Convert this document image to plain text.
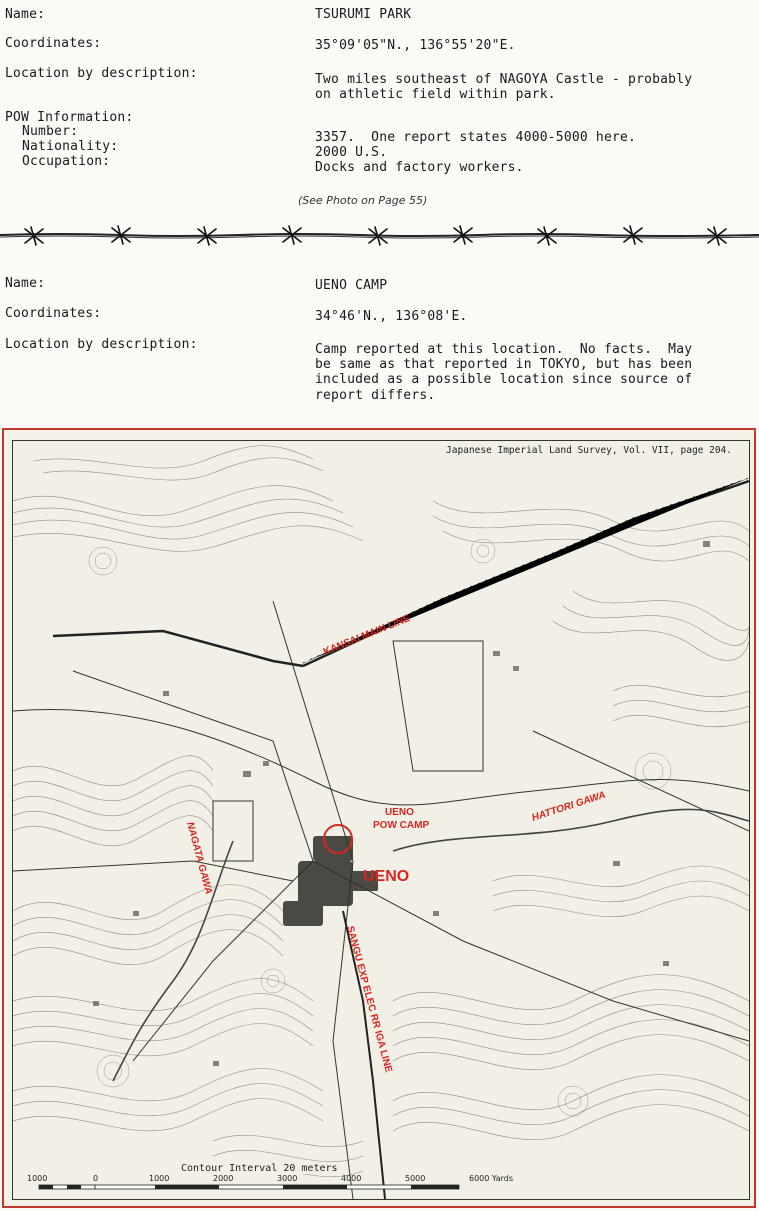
Name:	TSURUMI PARK
Coordinates:	35°09'05"N., 136°55'20"E.
Location by description:	Two miles southeast of NAGOYA Castle - probably
on athletic field within park.
POW Information:
Number:	3357.  One report states 4000-5000 here.
Nationality:	2000 U.S.
Occupation:	Docks and factory workers.
(See Photo on Page 55)
Name:	UENO CAMP
Coordinates:	34°46'N., 136°08'E.
Location by description:	Camp reported at this location.  No facts.  May
be same as that reported in TOKYO, but has been
included as a possible location since source of
report differs.
UENO
POW CAMP
UENO
HATTORI GAWA
NAGATA GAWA
SANGU EXP ELEC RR IGA LINE
KANSAI MAIN LINE
Japanese Imperial Land Survey, Vol. VII, page 204.
Contour Interval 20 meters
1000	0	1000	2000	3000	4000	5000	6000 Yards
